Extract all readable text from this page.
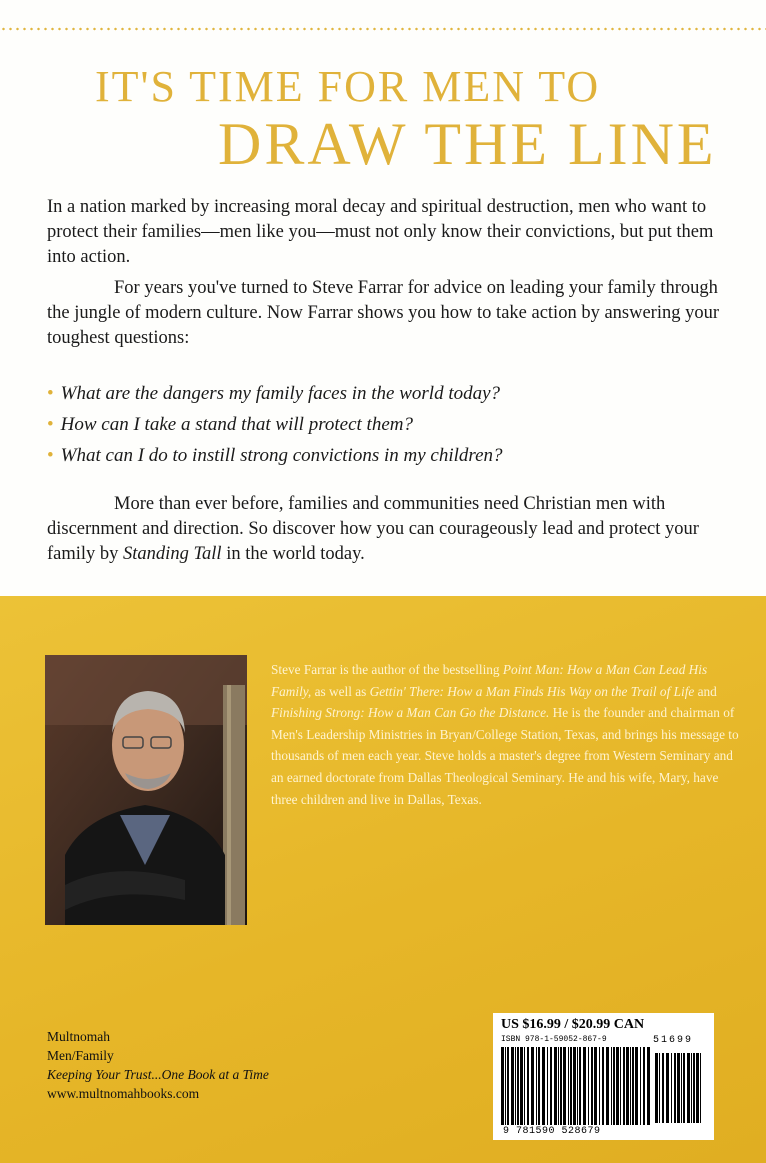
IT'S TIME FOR MEN TO
DRAW THE LINE
In a nation marked by increasing moral decay and spiritual destruction, men who want to protect their families—men like you—must not only know their convictions, but put them into action.
For years you've turned to Steve Farrar for advice on leading your family through the jungle of modern culture. Now Farrar shows you how to take action by answering your toughest questions:
• What are the dangers my family faces in the world today?
• How can I take a stand that will protect them?
• What can I do to instill strong convictions in my children?
More than ever before, families and communities need Christian men with discernment and direction. So discover how you can courageously lead and protect your family by Standing Tall in the world today.
Steve Farrar is the author of the bestselling Point Man: How a Man Can Lead His Family, as well as Gettin' There: How a Man Finds His Way on the Trail of Life and Finishing Strong: How a Man Can Go the Distance. He is the founder and chairman of Men's Leadership Ministries in Bryan/College Station, Texas, and brings his message to thousands of men each year. Steve holds a master's degree from Western Seminary and an earned doctorate from Dallas Theological Seminary. He and his wife, Mary, have three children and live in Dallas, Texas.
Multnomah
Men/Family
Keeping Your Trust...One Book at a Time
www.multnomahbooks.com
US $16.99 / $20.99 CAN
ISBN 978-1-59052-867-9	51699
9 781590 528679
